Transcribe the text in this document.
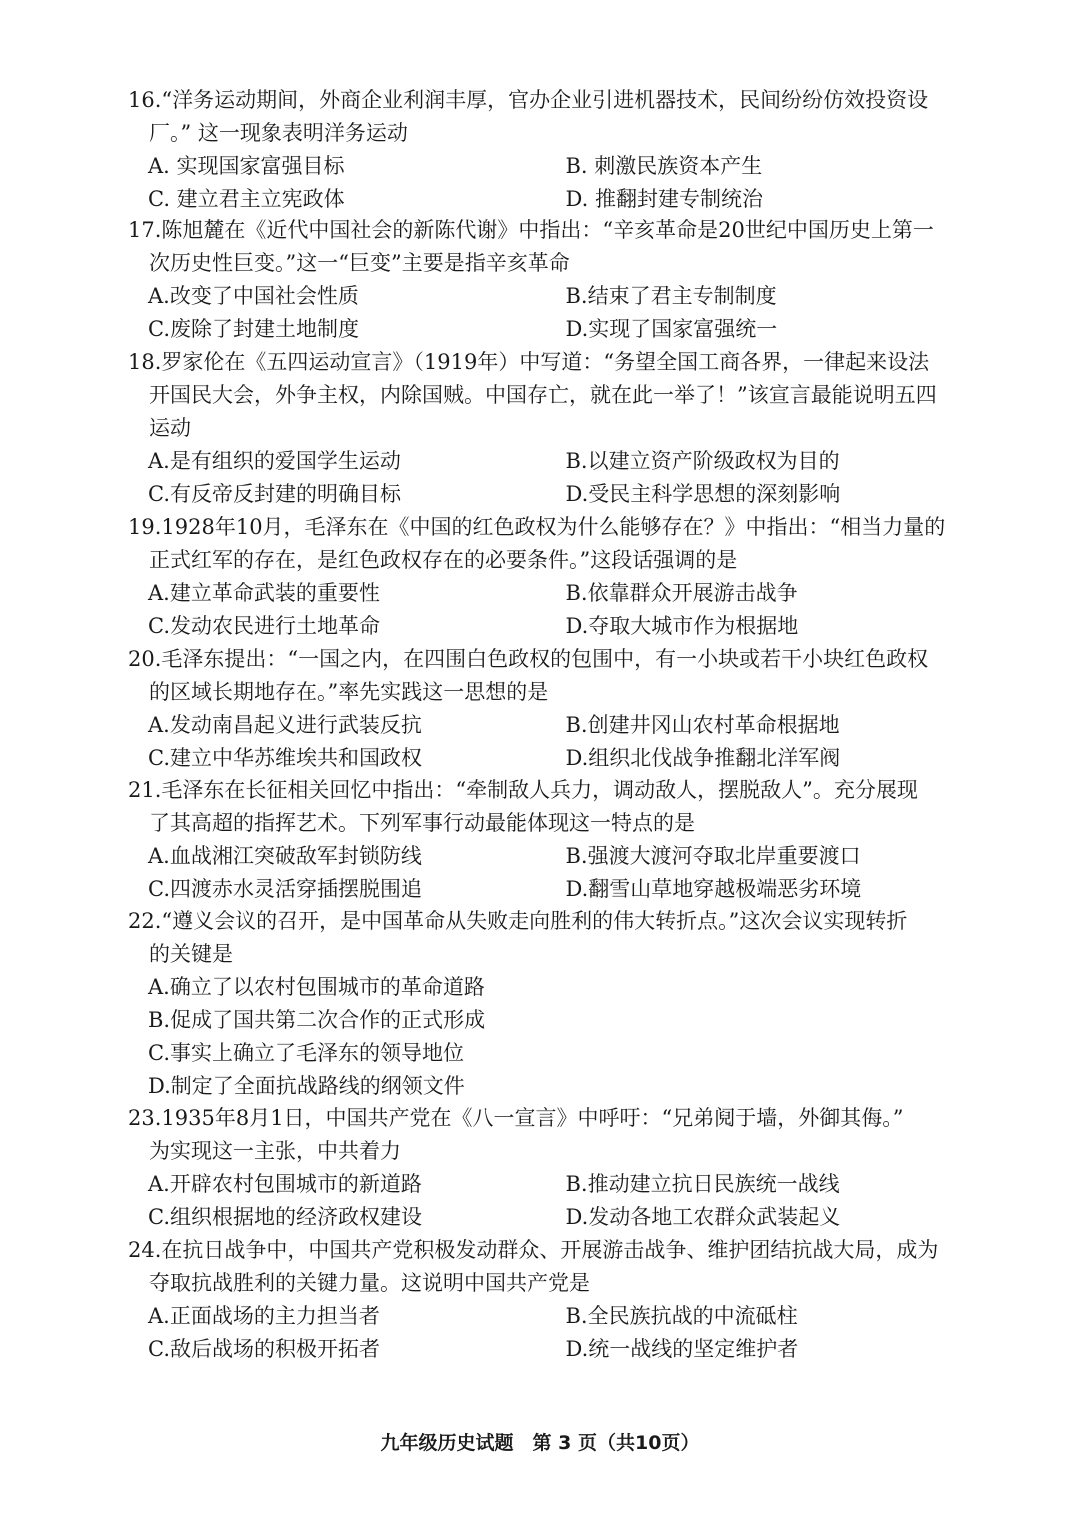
16.“洋务运动期间，外商企业利润丰厚，官办企业引进机器技术，民间纷纷仿效投资设
厂。” 这一现象表明洋务运动

A. 实现国家富强目标	B. 刺激民族资本产生
C. 建立君主立宪政体	D. 推翻封建专制统治

17.陈旭麓在《近代中国社会的新陈代谢》中指出：“辛亥革命是20世纪中国历史上第一
次历史性巨变。”这一“巨变”主要是指辛亥革命

A.改变了中国社会性质	B.结束了君主专制制度
C.废除了封建土地制度	D.实现了国家富强统一

18.罗家伦在《五四运动宣言》（1919年）中写道：“务望全国工商各界，一律起来设法
开国民大会，外争主权，内除国贼。中国存亡，就在此一举了！”该宣言最能说明五四
运动

A.是有组织的爱国学生运动	B.以建立资产阶级政权为目的
C.有反帝反封建的明确目标	D.受民主科学思想的深刻影响

19.1928年10月，毛泽东在《中国的红色政权为什么能够存在？》中指出：“相当力量的
正式红军的存在，是红色政权存在的必要条件。”这段话强调的是

A.建立革命武装的重要性	B.依靠群众开展游击战争
C.发动农民进行土地革命	D.夺取大城市作为根据地

20.毛泽东提出：“一国之内，在四围白色政权的包围中，有一小块或若干小块红色政权
的区域长期地存在。”率先实践这一思想的是

A.发动南昌起义进行武装反抗	B.创建井冈山农村革命根据地
C.建立中华苏维埃共和国政权	D.组织北伐战争推翻北洋军阀

21.毛泽东在长征相关回忆中指出：“牵制敌人兵力，调动敌人，摆脱敌人”。充分展现
了其高超的指挥艺术。下列军事行动最能体现这一特点的是

A.血战湘江突破敌军封锁防线	B.强渡大渡河夺取北岸重要渡口
C.四渡赤水灵活穿插摆脱围追	D.翻雪山草地穿越极端恶劣环境

22.“遵义会议的召开，是中国革命从失败走向胜利的伟大转折点。”这次会议实现转折
的关键是

A.确立了以农村包围城市的革命道路
B.促成了国共第二次合作的正式形成
C.事实上确立了毛泽东的领导地位
D.制定了全面抗战路线的纲领文件

23.1935年8月1日，中国共产党在《八一宣言》中呼吁：“兄弟阋于墙，外御其侮。”
为实现这一主张，中共着力

A.开辟农村包围城市的新道路	B.推动建立抗日民族统一战线
C.组织根据地的经济政权建设	D.发动各地工农群众武装起义

24.在抗日战争中，中国共产党积极发动群众、开展游击战争、维护团结抗战大局，成为
夺取抗战胜利的关键力量。这说明中国共产党是

A.正面战场的主力担当者	B.全民族抗战的中流砥柱
C.敌后战场的积极开拓者	D.统一战线的坚定维护者
九年级历史试题　第 3 页（共10页）
